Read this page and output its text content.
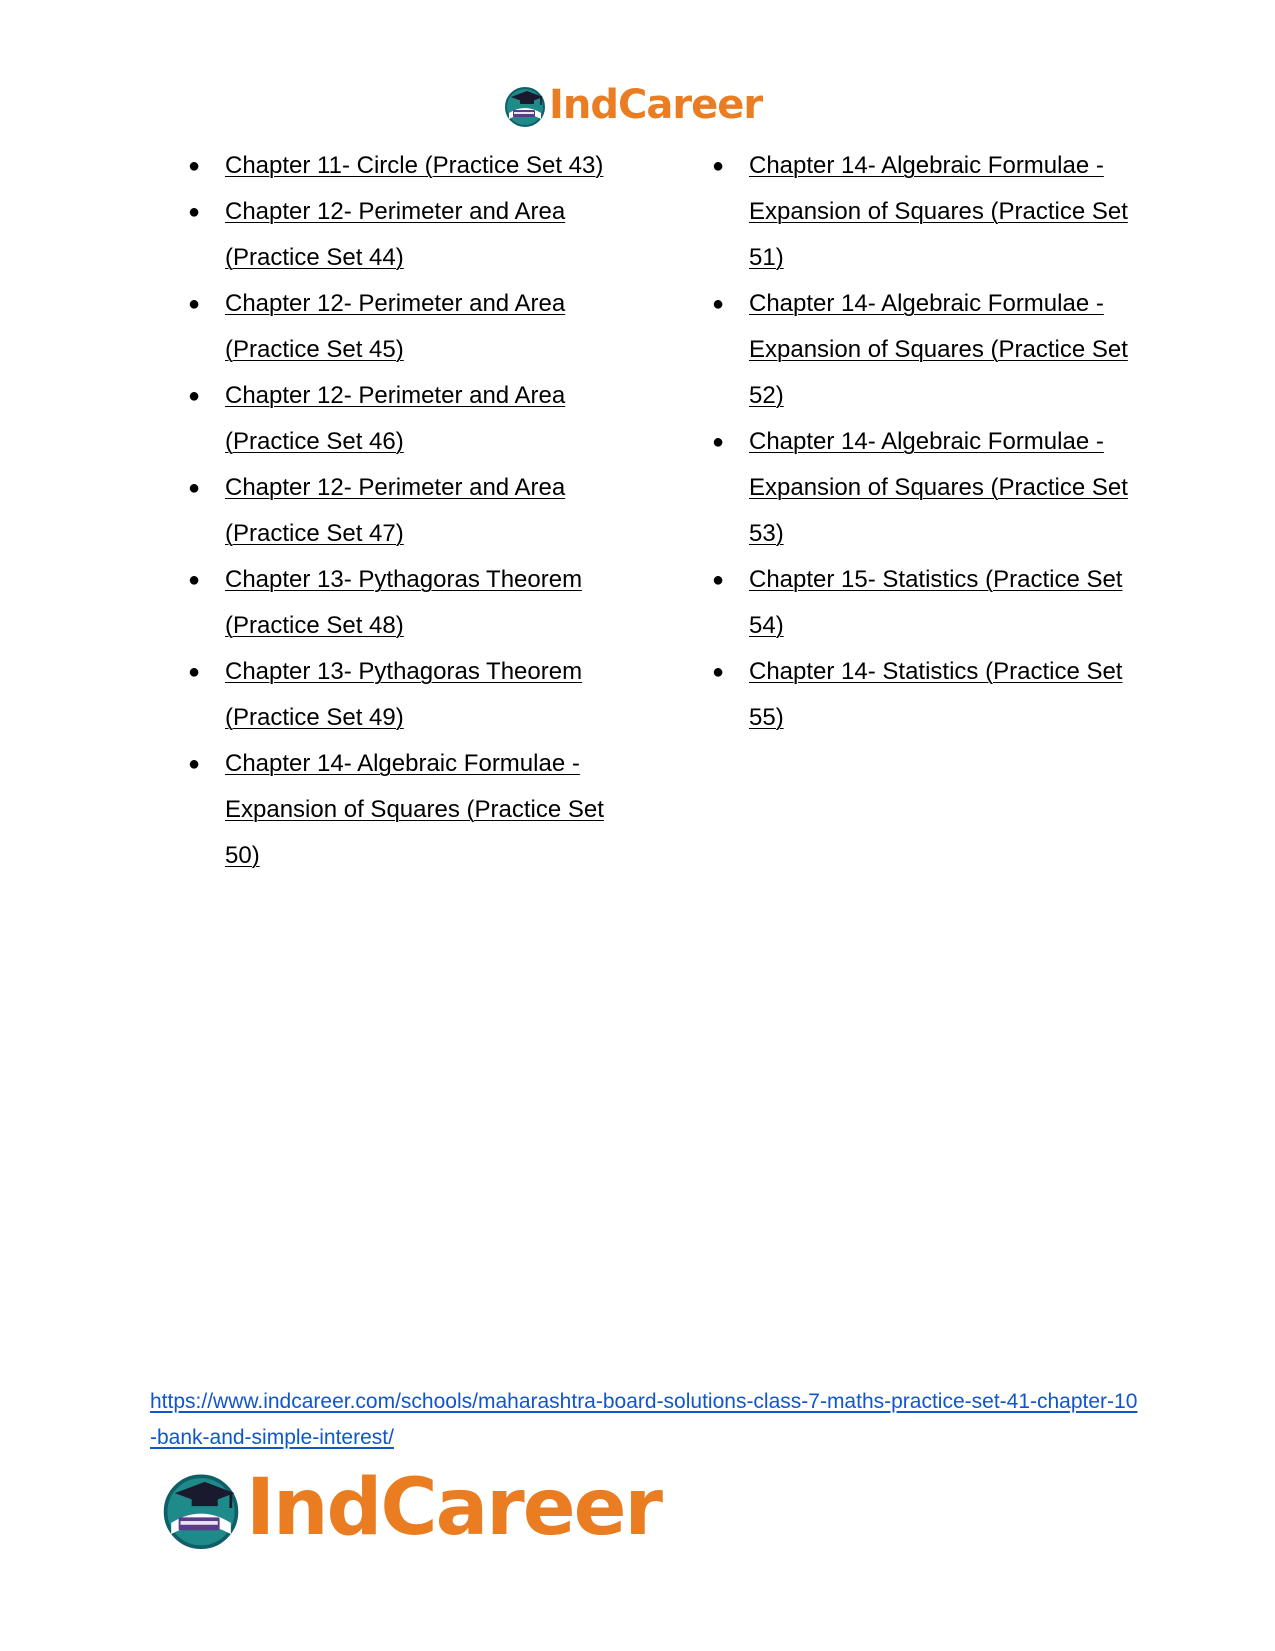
IndCareer
● Chapter 11- Circle (Practice Set 43)
● Chapter 12- Perimeter and Area (Practice Set 44)
● Chapter 12- Perimeter and Area (Practice Set 45)
● Chapter 12- Perimeter and Area (Practice Set 46)
● Chapter 12- Perimeter and Area (Practice Set 47)
● Chapter 13- Pythagoras Theorem (Practice Set 48)
● Chapter 13- Pythagoras Theorem (Practice Set 49)
● Chapter 14- Algebraic Formulae - Expansion of Squares (Practice Set 50)
● Chapter 14- Algebraic Formulae - Expansion of Squares (Practice Set 51)
● Chapter 14- Algebraic Formulae - Expansion of Squares (Practice Set 52)
● Chapter 14- Algebraic Formulae - Expansion of Squares (Practice Set 53)
● Chapter 15- Statistics (Practice Set 54)
● Chapter 14- Statistics (Practice Set 55)
https://www.indcareer.com/schools/maharashtra-board-solutions-class-7-maths-practice-set-41-chapter-10-bank-and-simple-interest/
IndCareer
